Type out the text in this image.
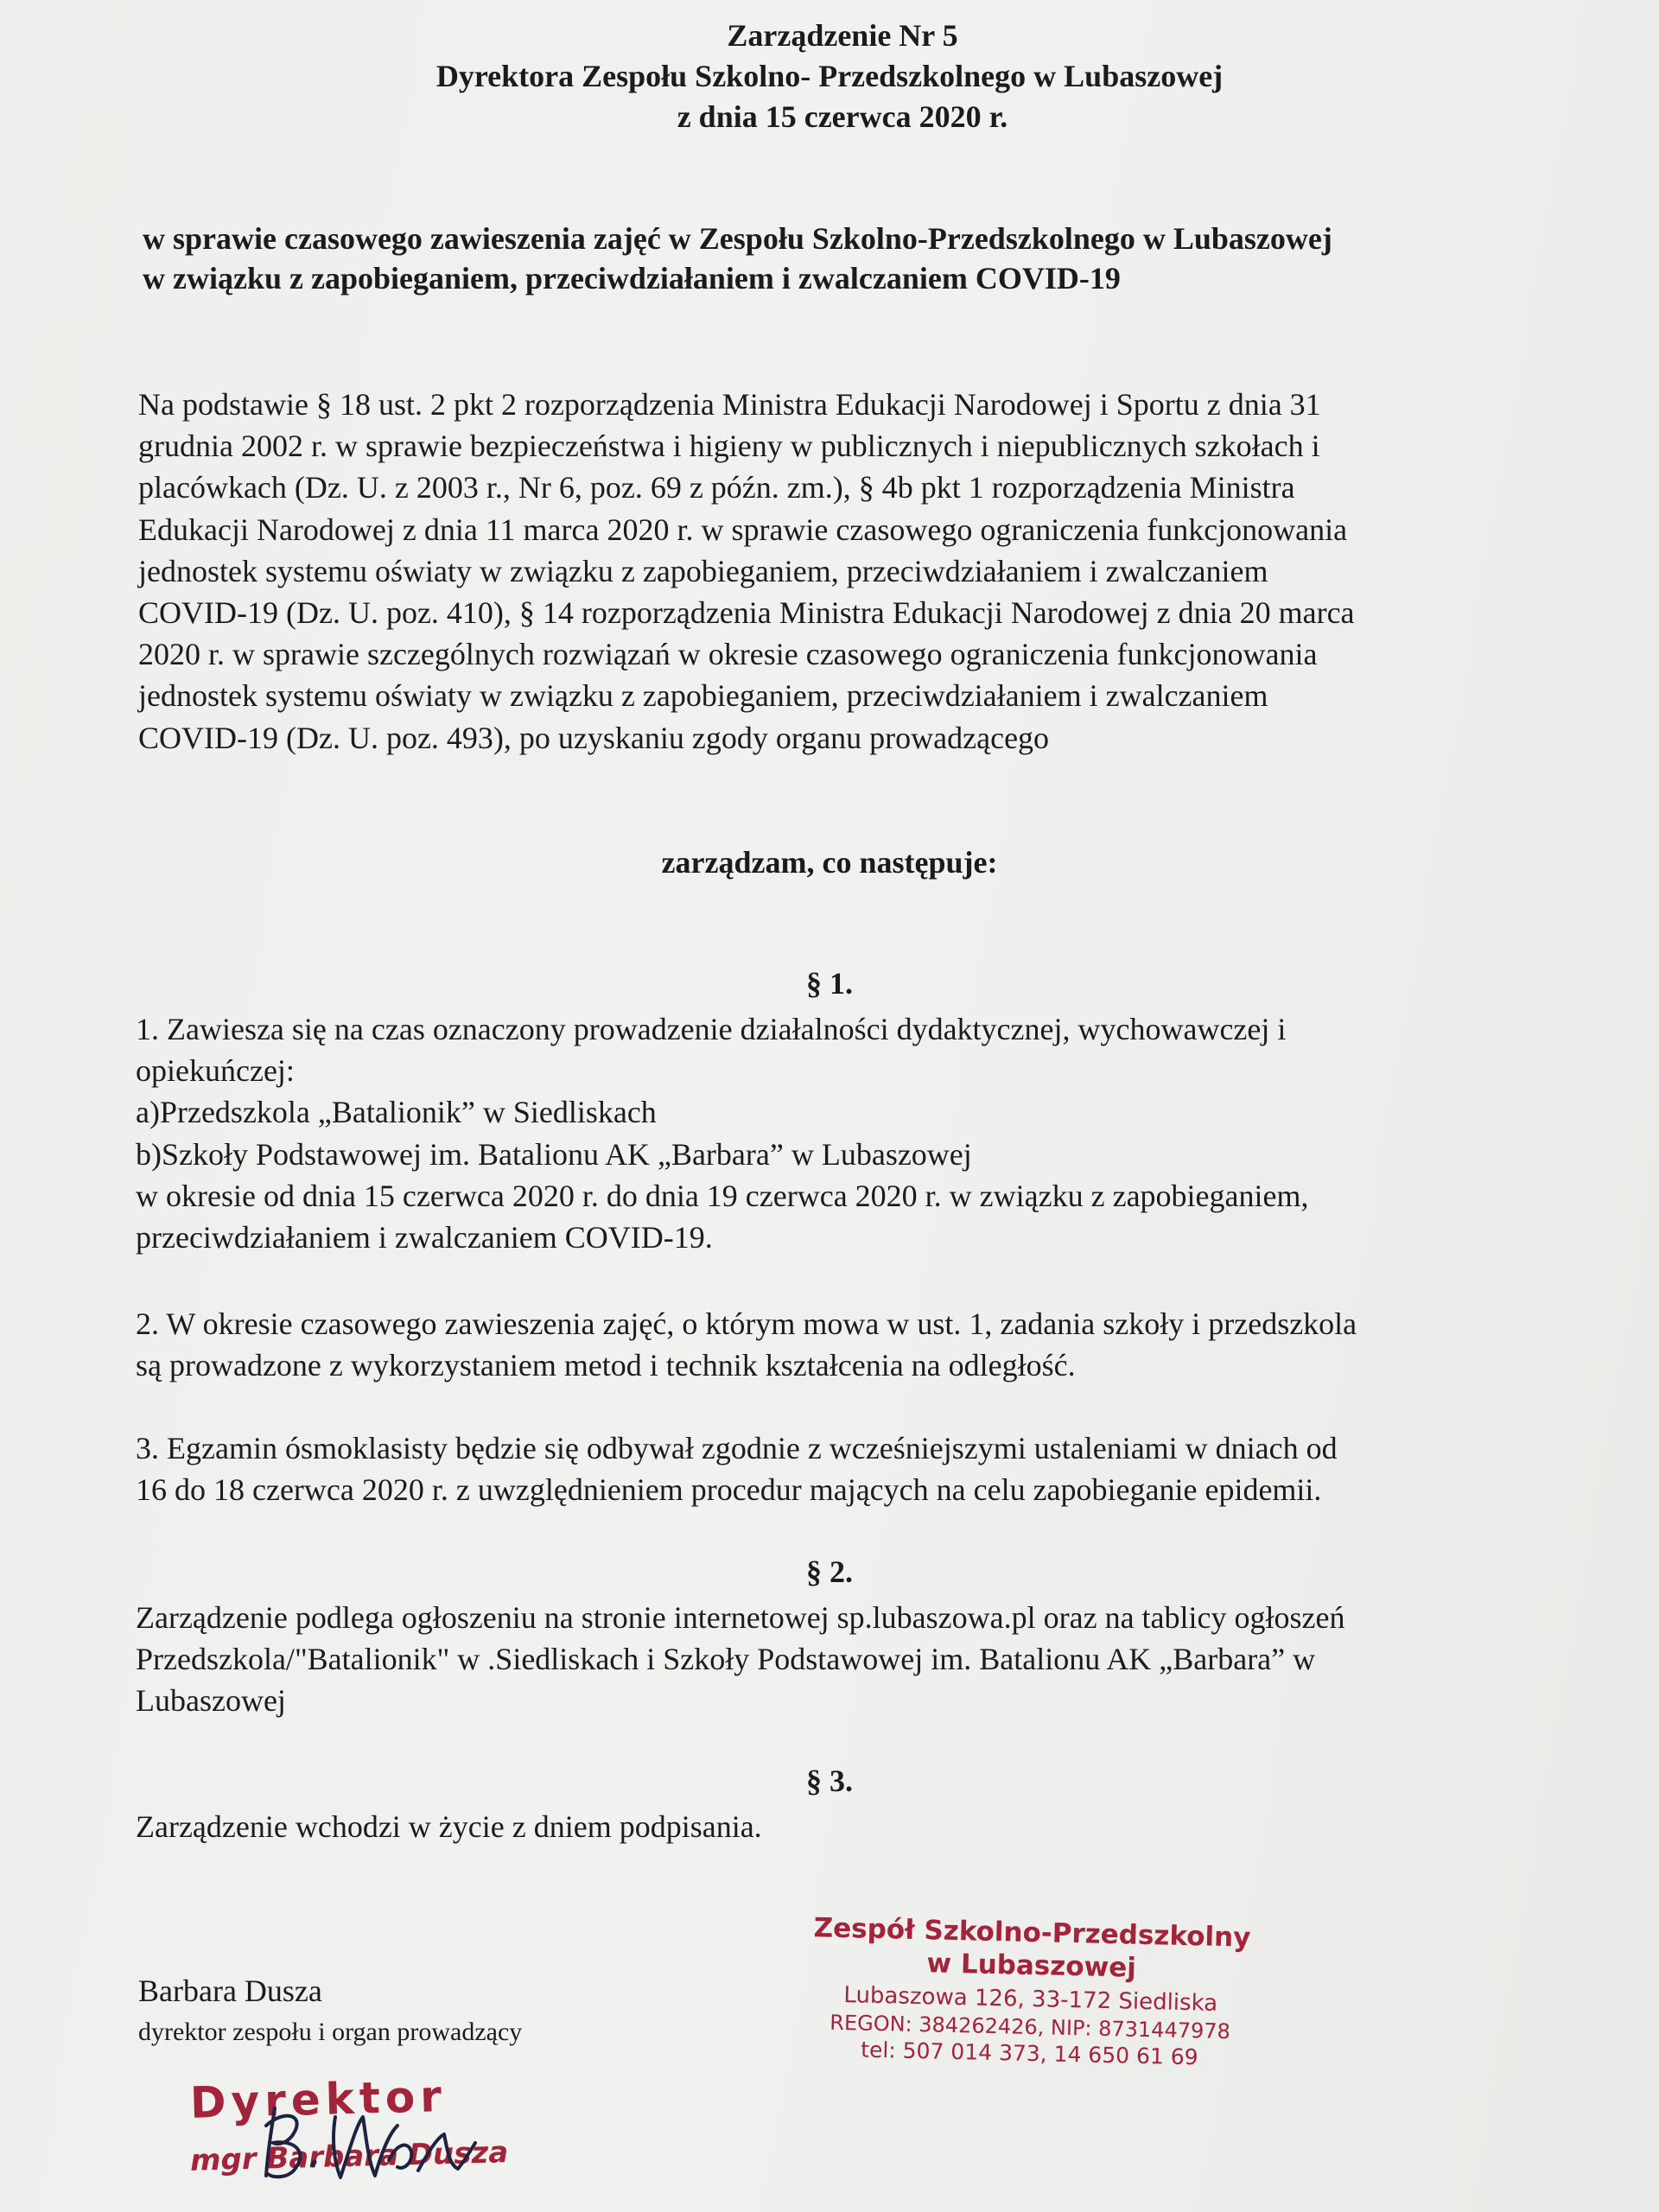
Zarządzenie Nr 5
Dyrektora Zespołu Szkolno- Przedszkolnego w Lubaszowej
z dnia 15 czerwca 2020 r.
w sprawie czasowego zawieszenia zajęć w Zespołu Szkolno-Przedszkolnego w Lubaszowej
w związku z zapobieganiem, przeciwdziałaniem i zwalczaniem COVID-19
Na podstawie § 18 ust. 2 pkt 2 rozporządzenia Ministra Edukacji Narodowej i Sportu z dnia 31
grudnia 2002 r. w sprawie bezpieczeństwa i higieny w publicznych i niepublicznych szkołach i
placówkach (Dz. U. z 2003 r., Nr 6, poz. 69 z późn. zm.), § 4b pkt 1 rozporządzenia Ministra
Edukacji Narodowej z dnia 11 marca 2020 r. w sprawie czasowego ograniczenia funkcjonowania
jednostek systemu oświaty w związku z zapobieganiem, przeciwdziałaniem i zwalczaniem
COVID-19 (Dz. U. poz. 410), § 14 rozporządzenia Ministra Edukacji Narodowej z dnia 20 marca
2020 r. w sprawie szczególnych rozwiązań w okresie czasowego ograniczenia funkcjonowania
jednostek systemu oświaty w związku z zapobieganiem, przeciwdziałaniem i zwalczaniem
COVID-19 (Dz. U. poz. 493), po uzyskaniu zgody organu prowadzącego
zarządzam, co następuje:
§ 1.
1. Zawiesza się na czas oznaczony prowadzenie działalności dydaktycznej, wychowawczej i
opiekuńczej:
a)Przedszkola „Batalionik” w Siedliskach
b)Szkoły Podstawowej im. Batalionu AK „Barbara” w Lubaszowej
w okresie od dnia 15 czerwca 2020 r. do dnia 19 czerwca 2020 r. w związku z zapobieganiem,
przeciwdziałaniem i zwalczaniem COVID-19.
2. W okresie czasowego zawieszenia zajęć, o którym mowa w ust. 1, zadania szkoły i przedszkola
są prowadzone z wykorzystaniem metod i technik kształcenia na odległość.
3. Egzamin ósmoklasisty będzie się odbywał zgodnie z wcześniejszymi ustaleniami w dniach od
16 do 18 czerwca 2020 r. z uwzględnieniem procedur mających na celu zapobieganie epidemii.
§ 2.
Zarządzenie podlega ogłoszeniu na stronie internetowej sp.lubaszowa.pl oraz na tablicy ogłoszeń
Przedszkola/"Batalionik" w .Siedliskach i Szkoły Podstawowej im. Batalionu AK „Barbara” w
Lubaszowej
§ 3.
Zarządzenie wchodzi w życie z dniem podpisania.
Barbara Dusza
dyrektor zespołu i organ prowadzący
Zespół Szkolno-Przedszkolny
w Lubaszowej
Lubaszowa 126, 33-172 Siedliska
REGON: 384262426, NIP: 8731447978
tel: 507 014 373, 14 650 61 69
Dyrektor
mgr Barbara Dusza
